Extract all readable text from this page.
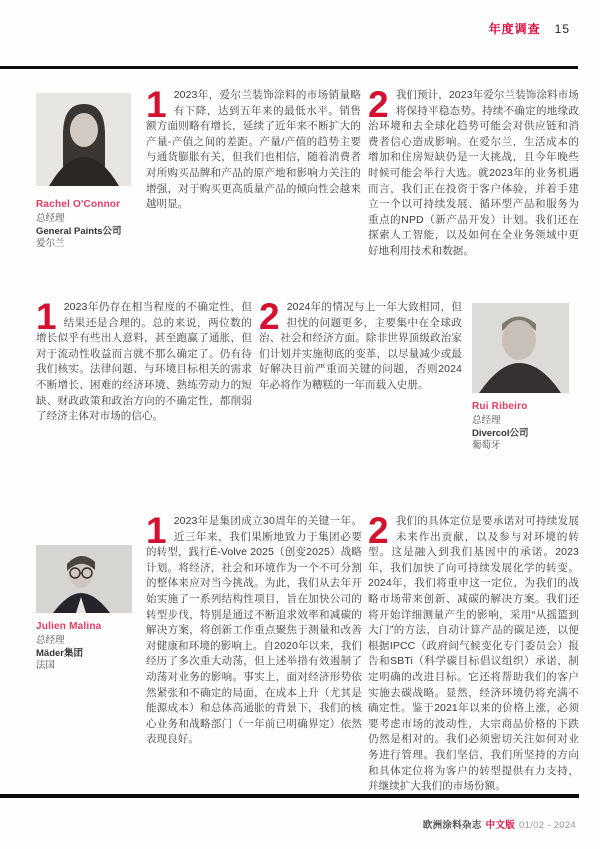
年度调查 15
Rachel O'Connor
总经理
General Paints公司
爱尔兰
1 2023年，爱尔兰装饰涂料的市场销量略有下降，达到五年来的最低水平。销售额方面则略有增长，延续了近年来不断扩大的产量-产值之间的差距。产量/产值的趋势主要与通货膨胀有关，但我们也相信，随着消费者对所购买品牌和产品的原产地和影响力关注的增强，对于购买更高质量产品的倾向性会越来越明显。
2 我们预计，2023年爱尔兰装饰涂料市场将保持平稳态势。持续不确定的地缘政治环境和去全球化趋势可能会对供应链和消费者信心造成影响。在爱尔兰，生活成本的增加和住房短缺仍是一大挑战，且今年晚些时候可能会举行大选。就2023年的业务机遇而言，我们正在投资于客户体验，并着手建立一个以可持续发展、循环型产品和服务为重点的NPD（新产品开发）计划。我们还在探索人工智能，以及如何在全业务领域中更好地利用技术和数据。
1 2023年仍存在相当程度的不确定性，但结果还是合理的。总的来说，两位数的增长似乎有些出人意料，甚至跑赢了通胀，但对于流动性收益而言就不那么确定了。仍有待我们核实。法律问题、与环境目标相关的需求不断增长、困难的经济环境、熟练劳动力的短缺、财政政策和政治方向的不确定性，都削弱了经济主体对市场的信心。
2 2024年的情况与上一年大致相同，但担忧的问题更多，主要集中在全球政治、社会和经济方面。除非世界顶级政治家们计划并实施彻底的变革，以尽量减少或最好解决目前严重而关键的问题，否则2024年必将作为糟糕的一年而载入史册。
Rui Ribeiro
总经理
Divercol公司
葡萄牙
Julien Malina
总经理
Mäder集团
法国
1 2023年是集团成立30周年的关键一年。近三年来，我们果断地致力于集团必要的转型，践行É-Volve 2025（创变2025）战略计划。将经济，社会和环境作为一个不可分割的整体来应对当今挑战。为此，我们从去年开始实施了一系列结构性项目，旨在加快公司的转型步伐，特别是通过不断追求效率和减碳的解决方案，将创新工作重点聚焦于测量和改善对健康和环境的影响上。自2020年以来，我们经历了多次重大动荡，但上述举措有效遏制了动荡对业务的影响。事实上，面对经济形势依然紧张和不确定的局面，在成本上升（尤其是能源成本）和总体高通胀的背景下，我们的核心业务和战略部门（一年前已明确界定）依然表现良好。
2 我们的具体定位是要承诺对可持续发展未来作出贡献，以及参与对环境的转型。这是融入到我们基因中的承诺。2023年，我们加快了向可持续发展化学的转变。2024年，我们将重申这一定位，为我们的战略市场带来创新、减碳的解决方案。我们还将开始详细测量产生的影响，采用“从摇篮到大门”的方法，自动计算产品的碳足迹，以便根据IPCC（政府间气候变化专门委员会）报告和SBTi（科学碳目标倡议组织）承诺，制定明确的改进目标。它还将帮助我们的客户实施去碳战略。显然，经济环境仍将充满不确定性。鉴于2021年以来的价格上涨，必须要考虑市场的波动性，大宗商品价格的下跌仍然是相对的。我们必须密切关注如何对业务进行管理。我们坚信，我们所坚持的方向和具体定位将为客户的转型提供有力支持，并继续扩大我们的市场份额。
欧洲涂料杂志 中文版 01/02 - 2024
